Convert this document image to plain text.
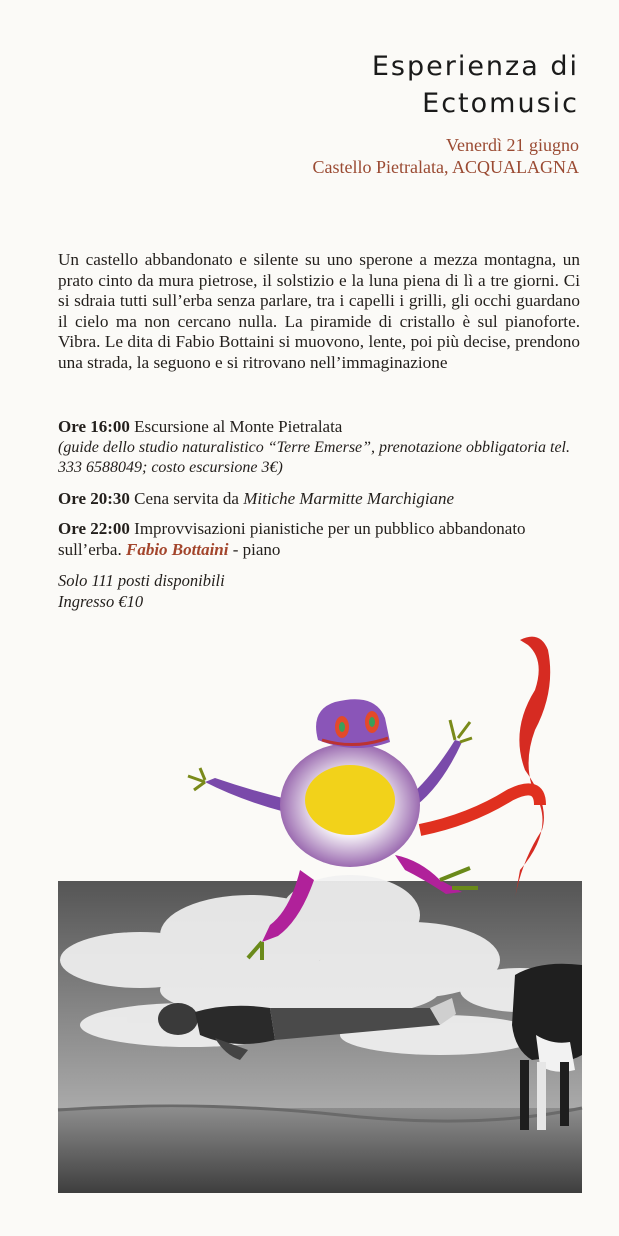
Esperienza di
Ectomusic
Venerdì 21 giugno
Castello Pietralata, ACQUALAGNA
Un castello abbandonato e silente su uno sperone a mezza montagna, un prato cinto da mura pietrose, il solstizio e la luna piena di lì a tre giorni. Ci si sdraia tutti sull’erba senza parlare, tra i capelli i grilli, gli occhi guardano il cielo ma non cercano nulla. La piramide di cristallo è sul pianoforte. Vibra. Le dita di Fabio Bottaini si muovono, lente, poi più decise, prendono una strada, la seguono e si ritrovano nell’immaginazione
Ore 16:00 Escursione al Monte Pietralata
(guide dello studio naturalistico “Terre Emerse”, prenotazione obbligatoria tel. 333 6588049; costo escursione 3€)
Ore 20:30 Cena servita da Mitiche Marmitte Marchigiane
Ore 22:00 Improvvisazioni pianistiche per un pubblico abbandonato sull’erba. Fabio Bottaini - piano
Solo 111 posti disponibili
Ingresso €10
